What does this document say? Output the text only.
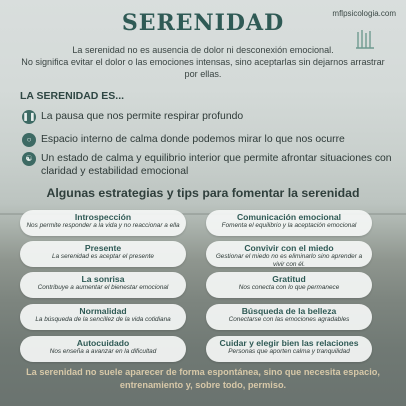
SERENIDAD	mflpsicologia.com
La serenidad no es ausencia de dolor ni desconexión emocional.
No significa evitar el dolor o las emociones intensas, sino aceptarlas sin dejarnos arrastrar por ellas.
LA SERENIDAD ES...
❚❚ La pausa que nos permite respirar profundo
○ Espacio interno de calma donde podemos mirar lo que nos ocurre
☯ Un estado de calma y equilibrio interior que permite afrontar situaciones con claridad y estabilidad emocional
Algunas estrategias y tips para fomentar la serenidad
Introspección
Nos permite responder a la vida y no reaccionar a ella
Presente
La serenidad es aceptar el presente
La sonrisa
Contribuye a aumentar el bienestar emocional
Normalidad
La búsqueda de la sencillez de la vida cotidiana
Autocuidado
Nos enseña a avanzar en la dificultad
Comunicación emocional
Fomenta el equilibrio y la aceptación emocional
Convivir con el miedo
Gestionar el miedo no es eliminarlo sino aprender a vivir con él.
Gratitud
Nos conecta con lo que permanece
Búsqueda de la belleza
Conectarse con las emociones agradables
Cuidar y elegir bien las relaciones
Personas que aporten calma y tranquilidad
La serenidad no suele aparecer de forma espontánea, sino que necesita espacio, entrenamiento y, sobre todo, permiso.
